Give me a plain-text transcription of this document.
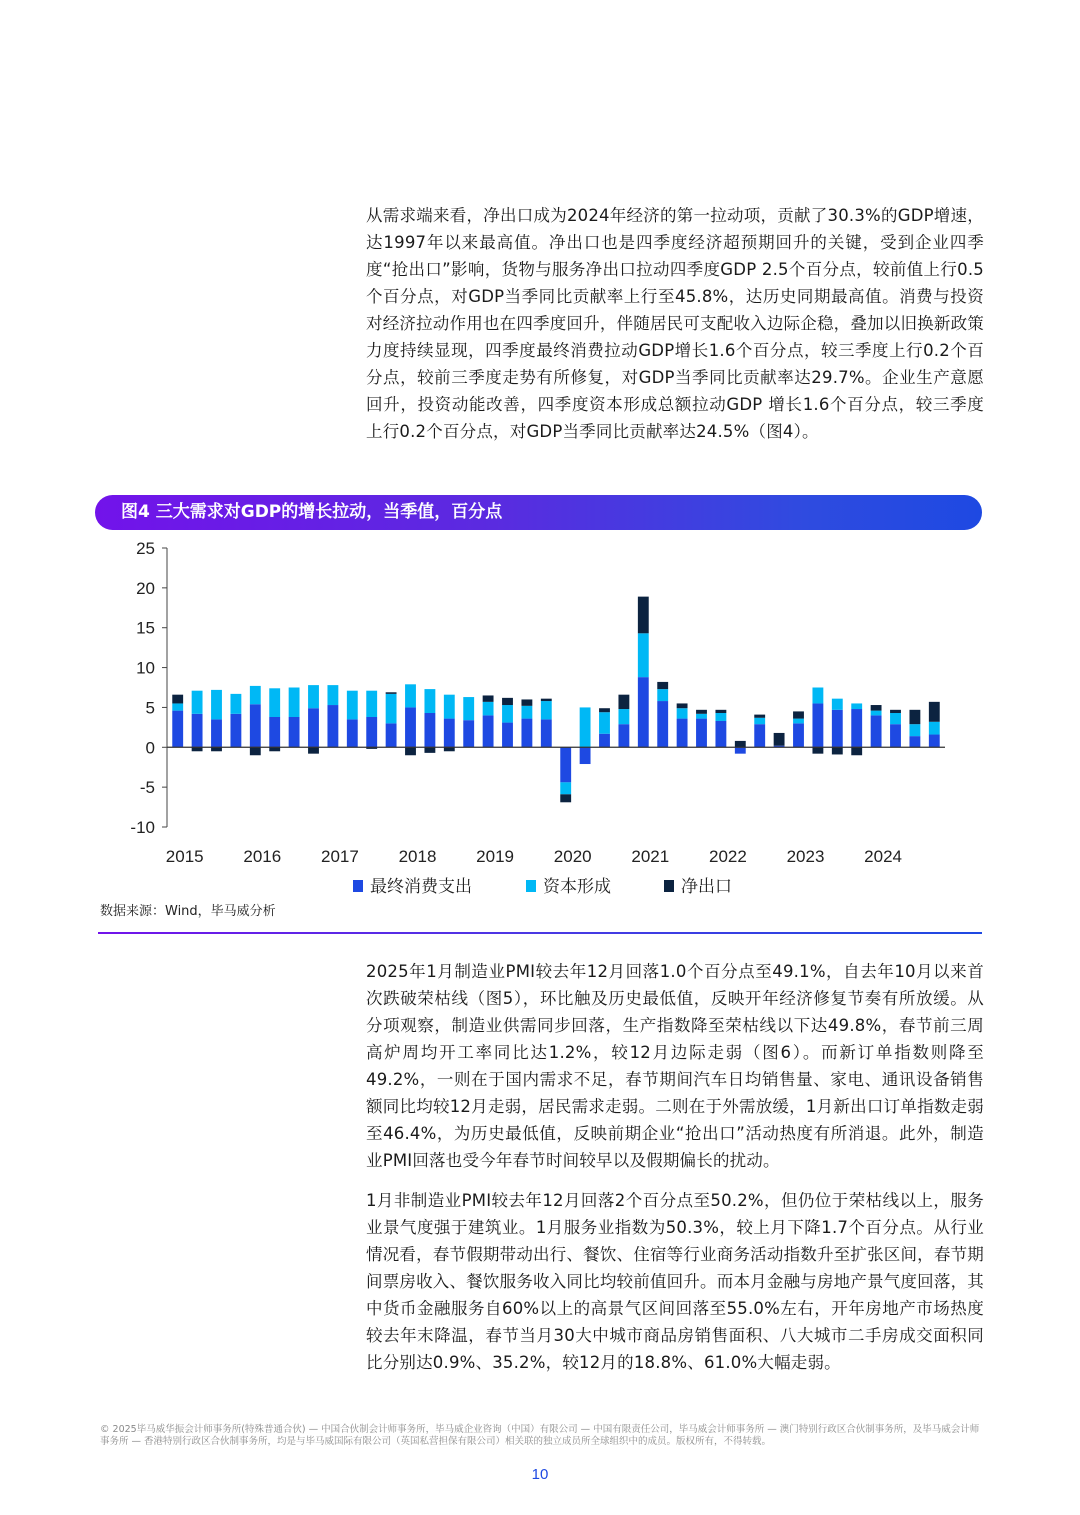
从需求端来看，净出口成为2024年经济的第一拉动项，贡献了30.3%的GDP增速，达1997年以来最高值。净出口也是四季度经济超预期回升的关键，受到企业四季度“抢出口”影响，货物与服务净出口拉动四季度GDP 2.5个百分点，较前值上行0.5个百分点，对GDP当季同比贡献率上行至45.8%，达历史同期最高值。消费与投资对经济拉动作用也在四季度回升，伴随居民可支配收入边际企稳，叠加以旧换新政策力度持续显现，四季度最终消费拉动GDP增长1.6个百分点，较三季度上行0.2个百分点，较前三季度走势有所修复，对GDP当季同比贡献率达29.7%。企业生产意愿回升，投资动能改善，四季度资本形成总额拉动GDP 增长1.6个百分点，较三季度上行0.2个百分点，对GDP当季同比贡献率达24.5%（图4）。

图4 三大需求对GDP的增长拉动，当季值，百分点
25
20
15
10
5
0
-5
-10
2015 2016 2017 2018 2019 2020 2021 2022 2023 2024
最终消费支出	资本形成	净出口
数据来源：Wind，毕马威分析

2025年1月制造业PMI较去年12月回落1.0个百分点至49.1%，自去年10月以来首次跌破荣枯线（图5），环比触及历史最低值，反映开年经济修复节奏有所放缓。从分项观察，制造业供需同步回落，生产指数降至荣枯线以下达49.8%，春节前三周高炉周均开工率同比达1.2%，较12月边际走弱（图6）。而新订单指数则降至49.2%，一则在于国内需求不足，春节期间汽车日均销售量、家电、通讯设备销售额同比均较12月走弱，居民需求走弱。二则在于外需放缓，1月新出口订单指数走弱至46.4%，为历史最低值，反映前期企业“抢出口”活动热度有所消退。此外，制造业PMI回落也受今年春节时间较早以及假期偏长的扰动。

1月非制造业PMI较去年12月回落2个百分点至50.2%，但仍位于荣枯线以上，服务业景气度强于建筑业。1月服务业指数为50.3%，较上月下降1.7个百分点。从行业情况看，春节假期带动出行、餐饮、住宿等行业商务活动指数升至扩张区间，春节期间票房收入、餐饮服务收入同比均较前值回升。而本月金融与房地产景气度回落，其中货币金融服务自60%以上的高景气区间回落至55.0%左右，开年房地产市场热度较去年末降温，春节当月30大中城市商品房销售面积、八大城市二手房成交面积同比分别达0.9%、35.2%，较12月的18.8%、61.0%大幅走弱。

© 2025毕马威华振会计师事务所(特殊普通合伙) — 中国合伙制会计师事务所，毕马威企业咨询（中国）有限公司 — 中国有限责任公司，毕马威会计师事务所 — 澳门特别行政区合伙制事务所，及毕马威会计师事务所 — 香港特别行政区合伙制事务所，均是与毕马威国际有限公司（英国私营担保有限公司）相关联的独立成员所全球组织中的成员。版权所有，不得转载。
10
